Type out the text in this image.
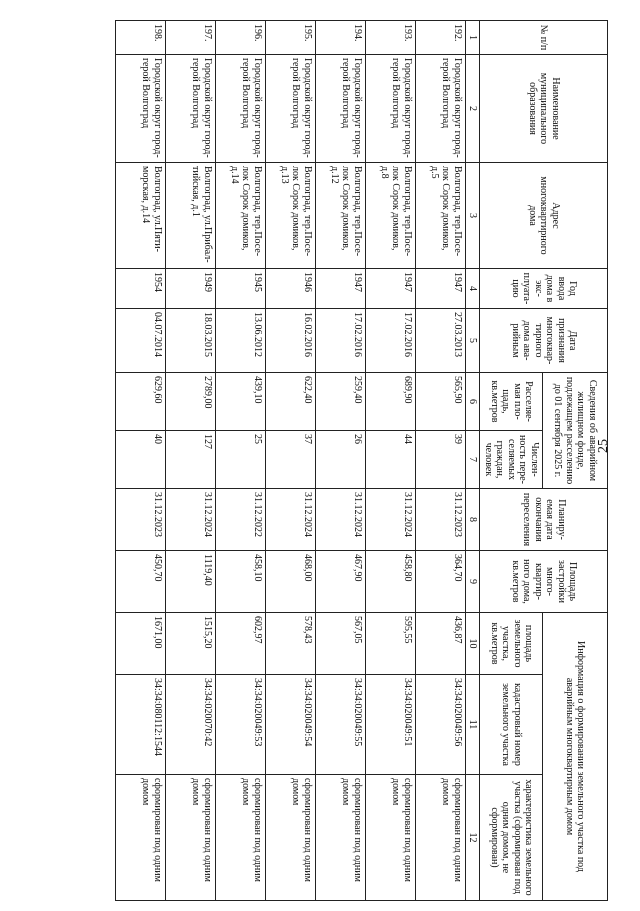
25
№ п/п	Наименование муниципального образования	Адрес многоквартирного дома	Год ввода дома в экс-плуата-цию	Дата признания многоквар-тирного дома ава-рийным	Сведения об аварийном жилищном фонде, подлежащем расселению до 01 сентября 2025 г.		Планиру-емая дата окончания переселения	Площадь застройки много-квартир-ного дома, кв.метров	Информация о формировании земельного участка под аварийным многоквартирным домом		
					Расселяе-мая пло-щадь, кв.метров	Числен-ность пере-селяемых граждан, человек			площадь земельного участка, кв.метров	кадастровый номер земельного участка	характеристика земельного участка (сформирован под одним домом, не сформирован)
1	2	3	4	5	6	7	8	9	10	11	12
192.	Городской округ город-герой Волгоград	Волгоград, тер.Посе-лок Сорок домиков, д.5	1947	27.03.2013	565,90	39	31.12.2023	364,70	436,87	34:34:020049:56	сформирован под одним домом
193.	Городской округ город-герой Волгоград	Волгоград, тер.Посе-лок Сорок домиков, д.8	1947	17.02.2016	689,90	44	31.12.2024	458,80	595,55	34:34:020049:51	сформирован под одним домом
194.	Городской округ город-герой Волгоград	Волгоград, тер.Посе-лок Сорок домиков, д.12	1947	17.02.2016	259,40	26	31.12.2024	467,90	567,05	34:34:020049:55	сформирован под одним домом
195.	Городской округ город-герой Волгоград	Волгоград, тер.Посе-лок Сорок домиков, д.13	1946	16.02.2016	622,40	37	31.12.2024	468,00	578,43	34:34:020049:54	сформирован под одним домом
196.	Городской округ город-герой Волгоград	Волгоград, тер.Посе-лок Сорок домиков, д.14	1945	13.06.2012	439,10	25	31.12.2022	458,10	602,97	34:34:020049:53	сформирован под одним домом
197.	Городской округ город-герой Волгоград	Волгоград, ул.Прибал-тийская, д.1	1949	18.03.2015	2789,00	127	31.12.2024	1119,40	1515,20	34:34:020070:42	сформирован под одним домом
198.	Городской округ город-герой Волгоград	Волгоград, ул.Пяти-морская, д.14	1954	04.07.2014	629,60	40	31.12.2023	450,70	1671,00	34:34:080112:1544	сформирован под одним домом
